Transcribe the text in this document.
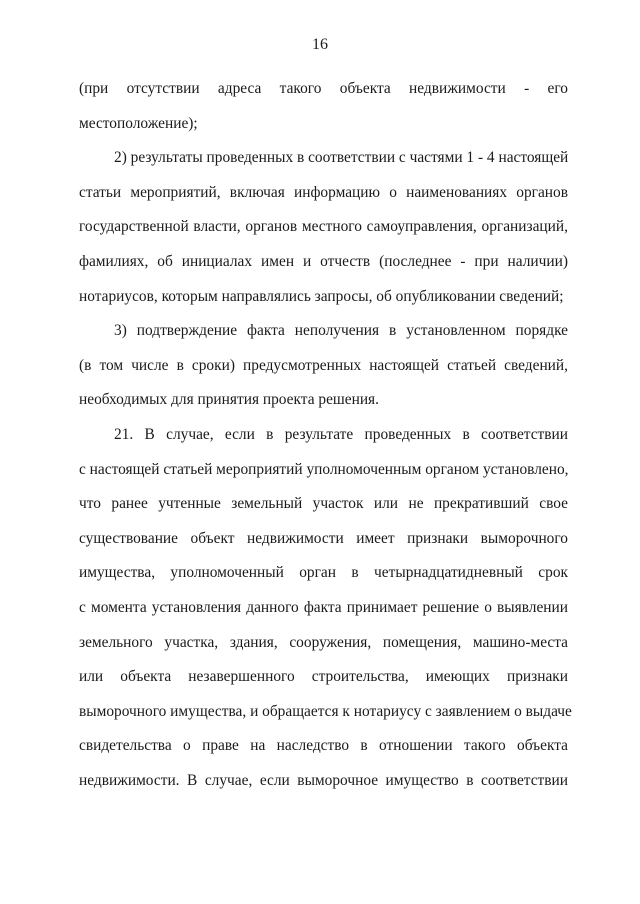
16
(при отсутствии адреса такого объекта недвижимости - его
местоположение);
2) результаты проведенных в соответствии с частями 1 - 4 настоящей
статьи мероприятий, включая информацию о наименованиях органов
государственной власти, органов местного самоуправления, организаций,
фамилиях, об инициалах имен и отчеств (последнее - при наличии)
нотариусов, которым направлялись запросы, об опубликовании сведений;
3) подтверждение факта неполучения в установленном порядке
(в том числе в сроки) предусмотренных настоящей статьей сведений,
необходимых для принятия проекта решения.
21. В случае, если в результате проведенных в соответствии
с настоящей статьей мероприятий уполномоченным органом установлено,
что ранее учтенные земельный участок или не прекративший свое
существование объект недвижимости имеет признаки выморочного
имущества, уполномоченный орган в четырнадцатидневный срок
с момента установления данного факта принимает решение о выявлении
земельного участка, здания, сооружения, помещения, машино-места
или объекта незавершенного строительства, имеющих признаки
выморочного имущества, и обращается к нотариусу с заявлением о выдаче
свидетельства о праве на наследство в отношении такого объекта
недвижимости. В случае, если выморочное имущество в соответствии
